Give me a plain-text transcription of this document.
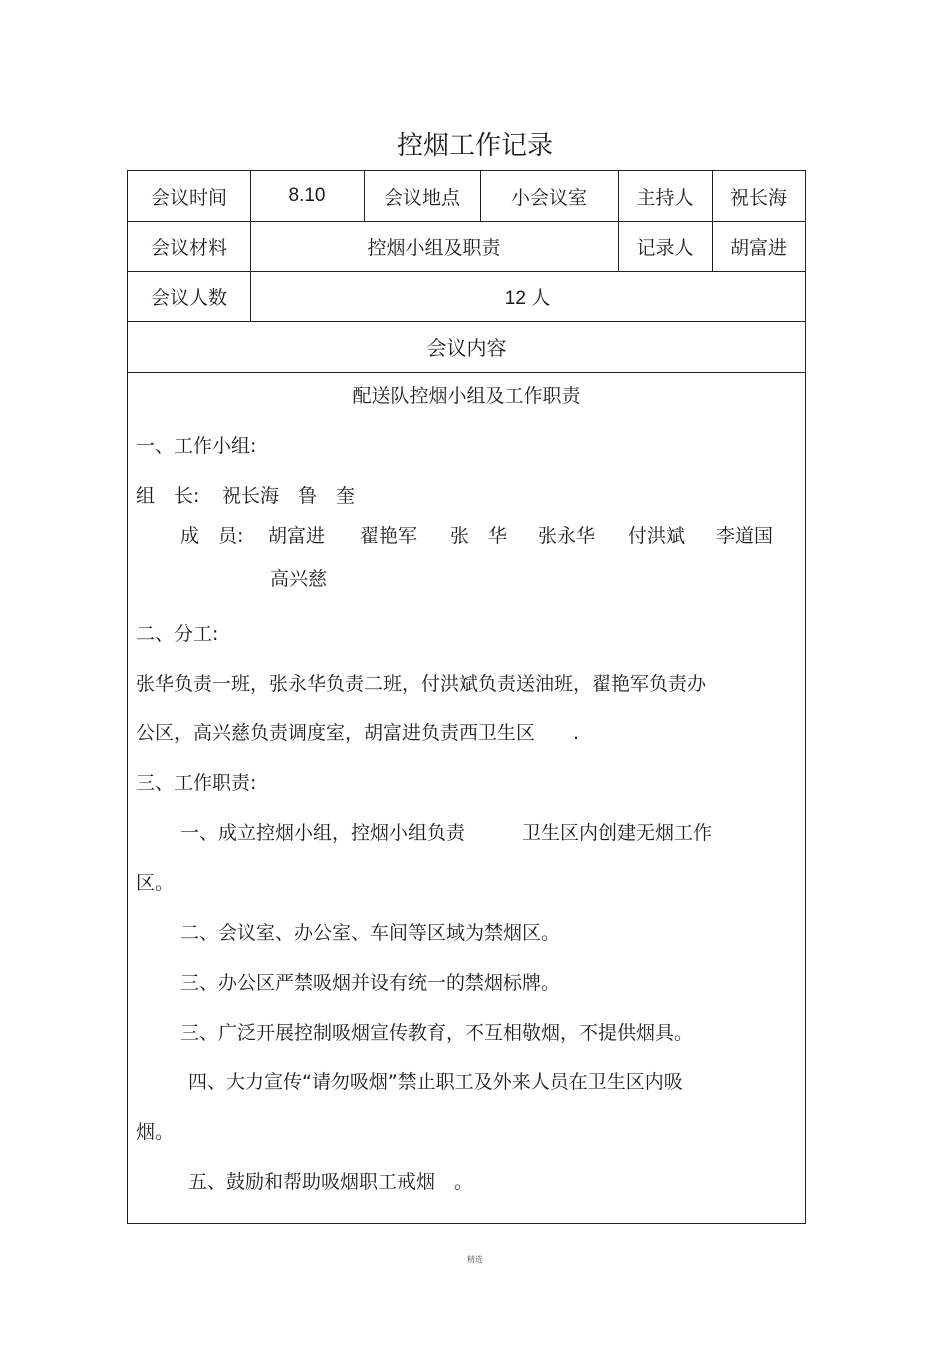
控烟工作记录
会议时间	8.10	会议地点	小会议室	主持人	祝长海
会议材料	控烟小组及职责	记录人	胡富进
会议人数	12 人
会议内容
配送队控烟小组及工作职责
一、工作小组:
组　长: 祝长海　鲁　奎
成　员: 胡富进 翟艳军 张　华 张永华 付洪斌 李道国
高兴慈
二、分工:
张华负责一班，张永华负责二班，付洪斌负责送油班，翟艳军负责办
公区，高兴慈负责调度室，胡富进负责西卫生区　　.
三、工作职责:
一、成立控烟小组，控烟小组负责　　　卫生区内创建无烟工作
区。
二、会议室、办公室、车间等区域为禁烟区。
三、办公区严禁吸烟并设有统一的禁烟标牌。
三、广泛开展控制吸烟宣传教育，不互相敬烟，不提供烟具。
四、大力宣传“请勿吸烟”禁止职工及外来人员在卫生区内吸
烟。
五、鼓励和帮助吸烟职工戒烟　。
精选
